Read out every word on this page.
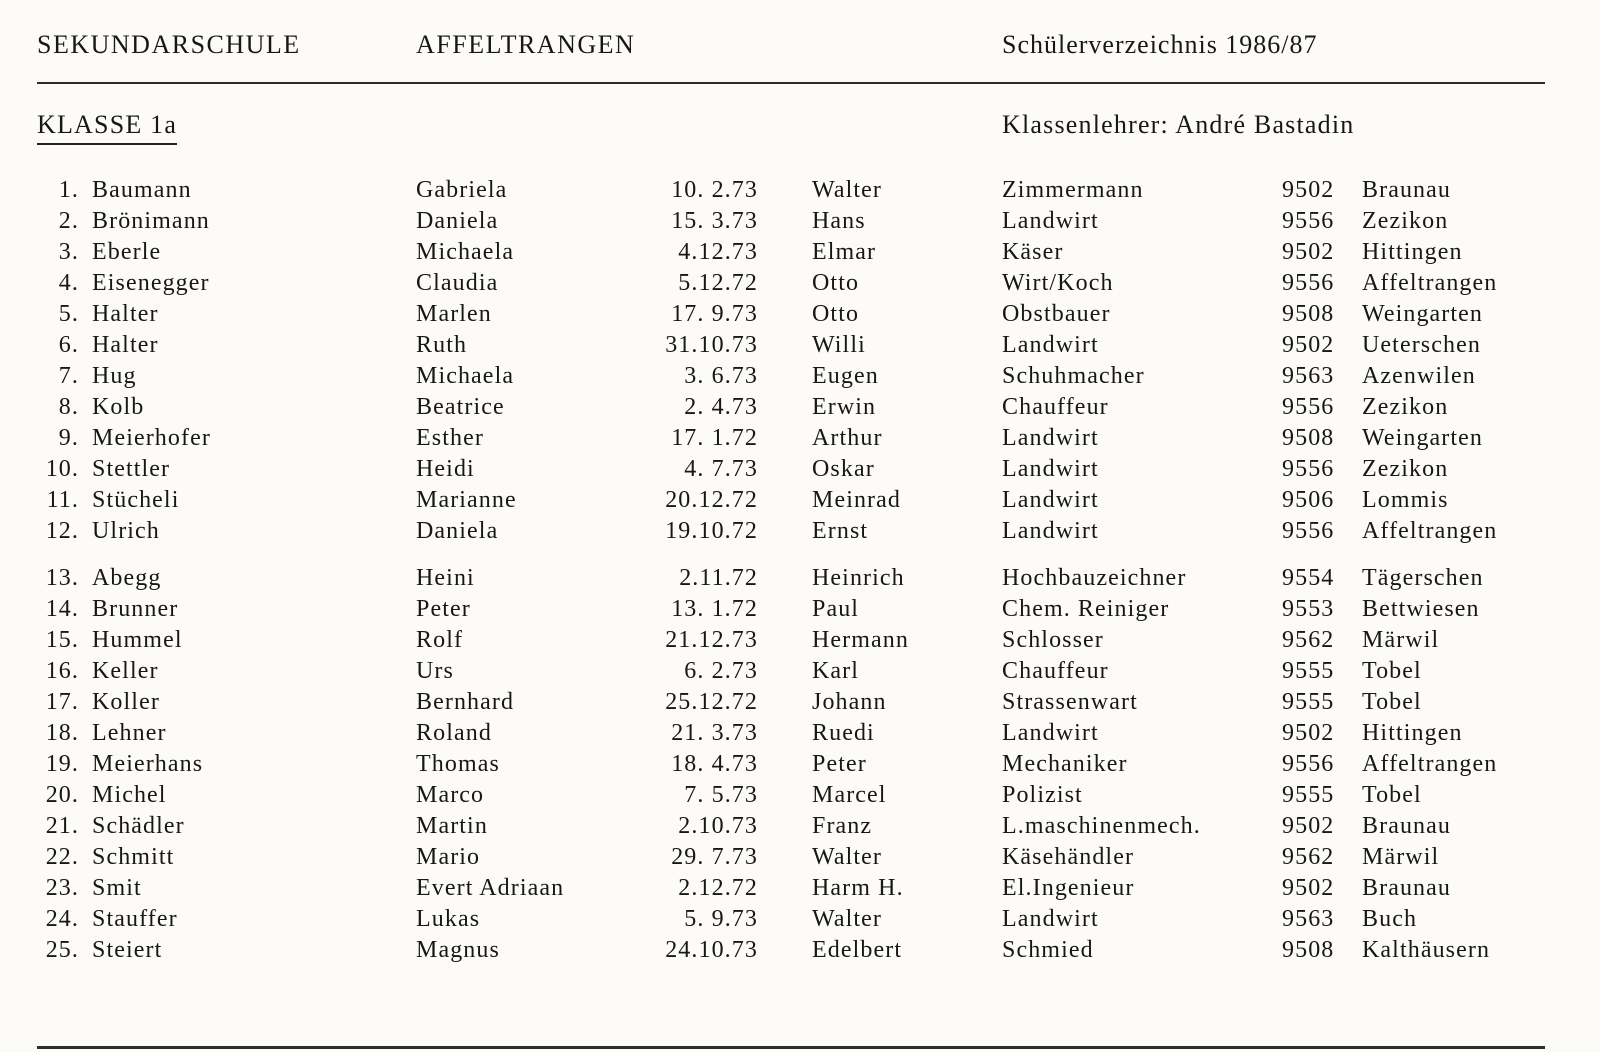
SEKUNDARSCHULE	AFFELTRANGEN	Schülerverzeichnis 1986/87
KLASSE 1a	Klassenlehrer: André Bastadin
1. Baumann	Gabriela	10. 2.73	Walter	Zimmermann	9502	Braunau
2. Brönimann	Daniela	15. 3.73	Hans	Landwirt	9556	Zezikon
3. Eberle	Michaela	4.12.73	Elmar	Käser	9502	Hittingen
4. Eisenegger	Claudia	5.12.72	Otto	Wirt/Koch	9556	Affeltrangen
5. Halter	Marlen	17. 9.73	Otto	Obstbauer	9508	Weingarten
6. Halter	Ruth	31.10.73	Willi	Landwirt	9502	Ueterschen
7. Hug	Michaela	3. 6.73	Eugen	Schuhmacher	9563	Azenwilen
8. Kolb	Beatrice	2. 4.73	Erwin	Chauffeur	9556	Zezikon
9. Meierhofer	Esther	17. 1.72	Arthur	Landwirt	9508	Weingarten
10. Stettler	Heidi	4. 7.73	Oskar	Landwirt	9556	Zezikon
11. Stücheli	Marianne	20.12.72	Meinrad	Landwirt	9506	Lommis
12. Ulrich	Daniela	19.10.72	Ernst	Landwirt	9556	Affeltrangen
13. Abegg	Heini	2.11.72	Heinrich	Hochbauzeichner	9554	Tägerschen
14. Brunner	Peter	13. 1.72	Paul	Chem. Reiniger	9553	Bettwiesen
15. Hummel	Rolf	21.12.73	Hermann	Schlosser	9562	Märwil
16. Keller	Urs	6. 2.73	Karl	Chauffeur	9555	Tobel
17. Koller	Bernhard	25.12.72	Johann	Strassenwart	9555	Tobel
18. Lehner	Roland	21. 3.73	Ruedi	Landwirt	9502	Hittingen
19. Meierhans	Thomas	18. 4.73	Peter	Mechaniker	9556	Affeltrangen
20. Michel	Marco	7. 5.73	Marcel	Polizist	9555	Tobel
21. Schädler	Martin	2.10.73	Franz	L.maschinenmech.	9502	Braunau
22. Schmitt	Mario	29. 7.73	Walter	Käsehändler	9562	Märwil
23. Smit	Evert Adriaan	2.12.72	Harm H.	El.Ingenieur	9502	Braunau
24. Stauffer	Lukas	5. 9.73	Walter	Landwirt	9563	Buch
25. Steiert	Magnus	24.10.73	Edelbert	Schmied	9508	Kalthäusern
